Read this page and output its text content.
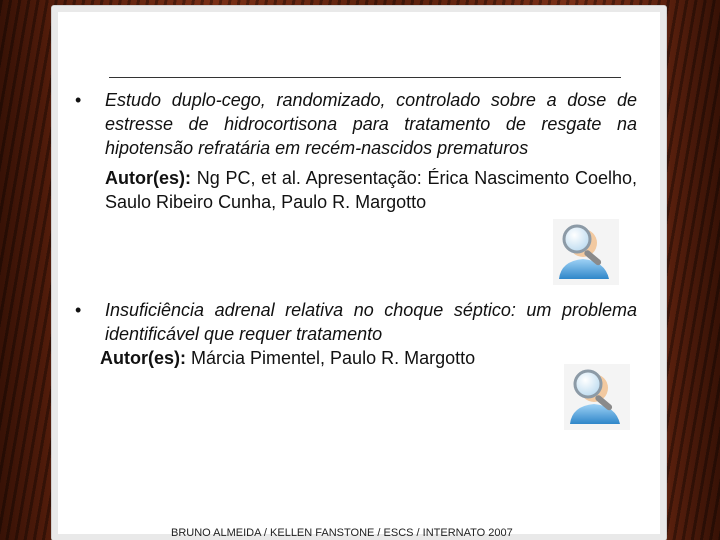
•	Estudo duplo-cego, randomizado, controlado sobre a dose de estresse de hidrocortisona para tratamento de resgate na hipotensão refratária em recém-nascidos prematuros
Autor(es): Ng PC, et al. Apresentação: Érica Nascimento Coelho, Saulo Ribeiro Cunha, Paulo R. Margotto
•	Insuficiência adrenal relativa no choque séptico: um problema identificável que requer tratamento
Autor(es): Márcia Pimentel, Paulo R. Margotto
BRUNO ALMEIDA / KELLEN FANSTONE / ESCS / INTERNATO 2007
